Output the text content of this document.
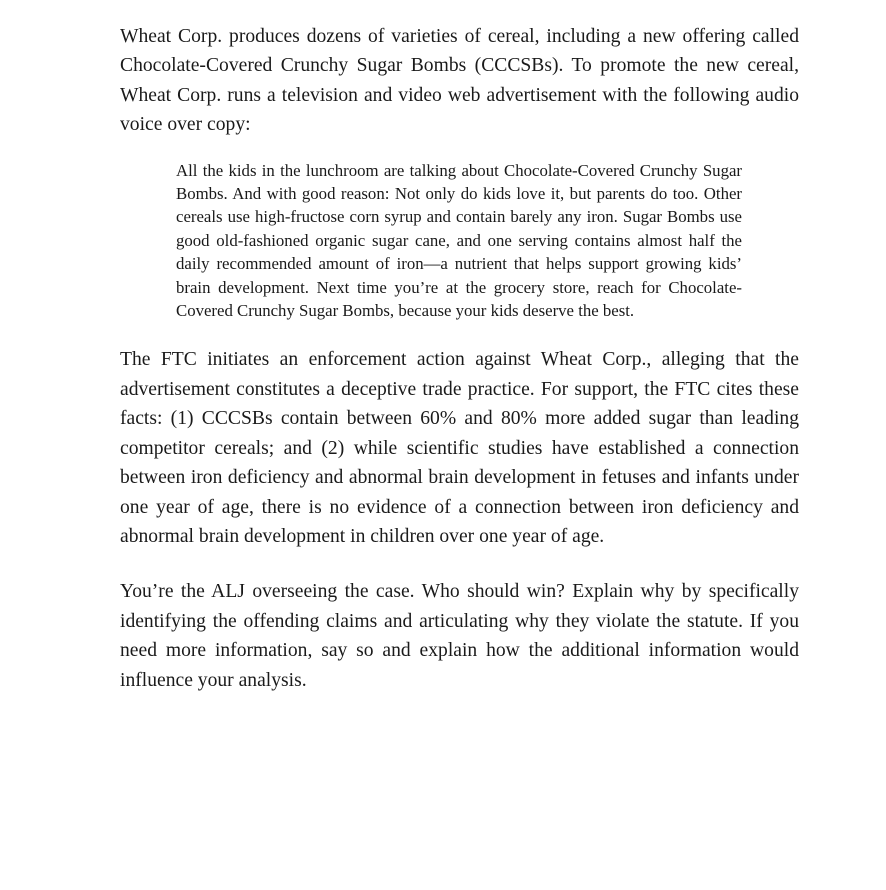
Wheat Corp. produces dozens of varieties of cereal, including a new offering called Chocolate-Covered Crunchy Sugar Bombs (CCCSBs). To promote the new cereal, Wheat Corp. runs a television and video web advertisement with the following audio voice over copy:

All the kids in the lunchroom are talking about Chocolate-Covered Crunchy Sugar Bombs. And with good reason: Not only do kids love it, but parents do too. Other cereals use high-fructose corn syrup and contain barely any iron. Sugar Bombs use good old-fashioned organic sugar cane, and one serving contains almost half the daily recommended amount of iron—a nutrient that helps support growing kids’ brain development. Next time you’re at the grocery store, reach for Chocolate-Covered Crunchy Sugar Bombs, because your kids deserve the best.

The FTC initiates an enforcement action against Wheat Corp., alleging that the advertisement constitutes a deceptive trade practice. For support, the FTC cites these facts: (1) CCCSBs contain between 60% and 80% more added sugar than leading competitor cereals; and (2) while scientific studies have established a connection between iron deficiency and abnormal brain development in fetuses and infants under one year of age, there is no evidence of a connection between iron deficiency and abnormal brain development in children over one year of age.

You’re the ALJ overseeing the case. Who should win? Explain why by specifically identifying the offending claims and articulating why they violate the statute. If you need more information, say so and explain how the additional information would influence your analysis.
